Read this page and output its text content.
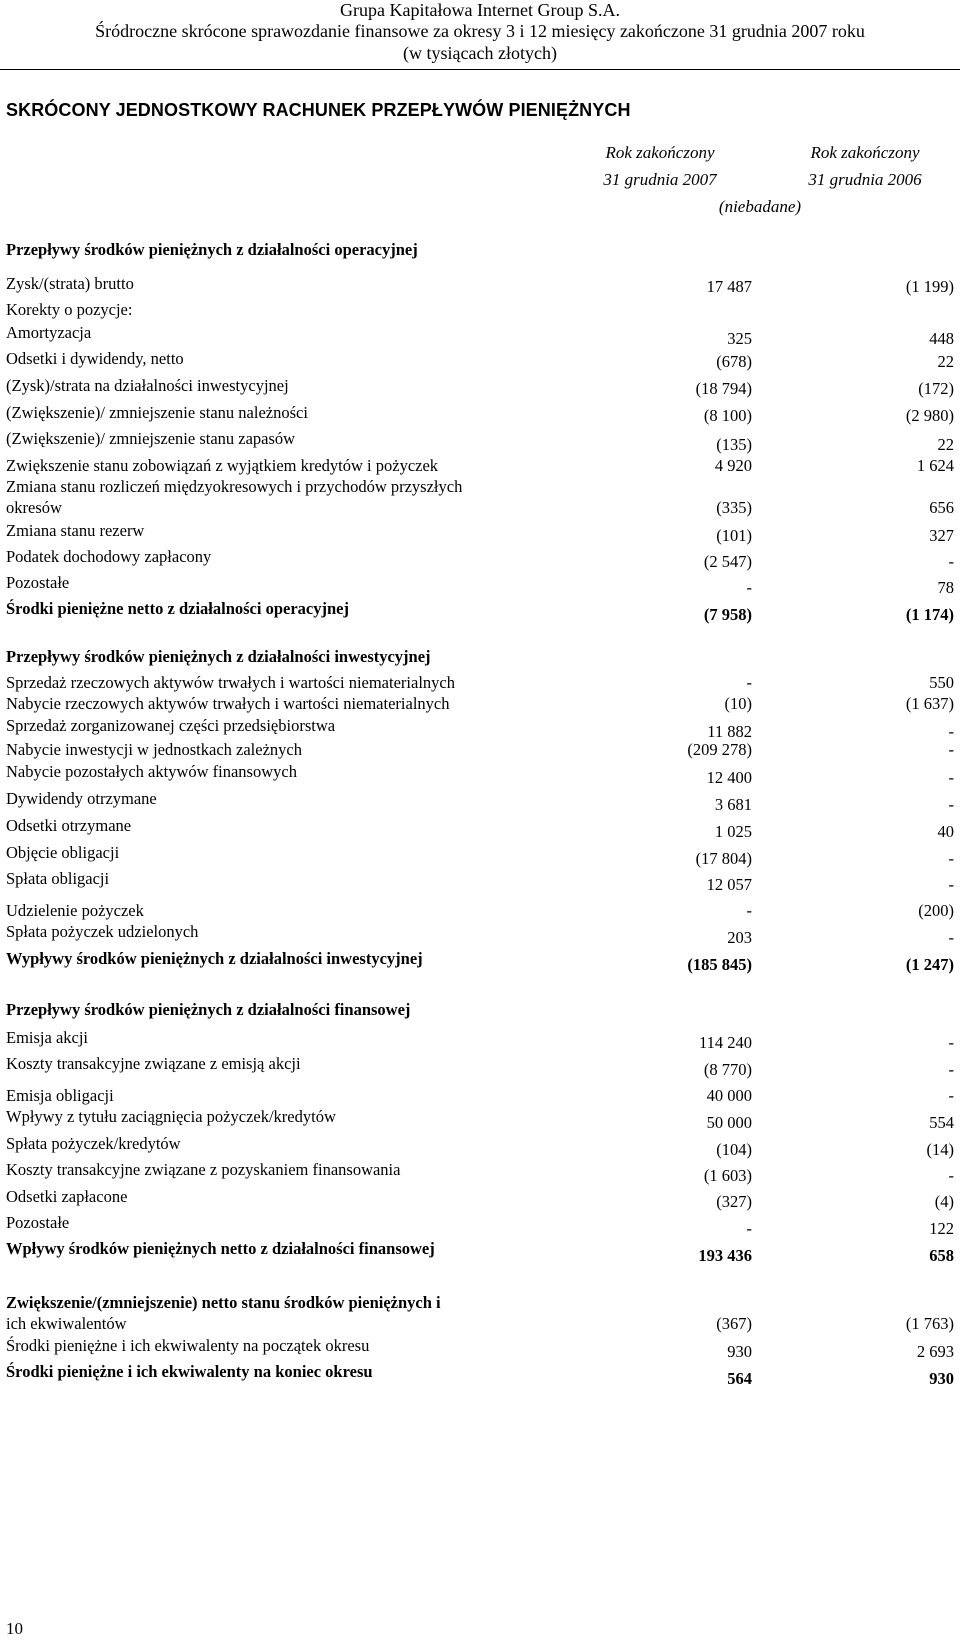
Grupa Kapitałowa Internet Group S.A.
Śródroczne skrócone sprawozdanie finansowe za okresy 3 i 12 miesięcy zakończone 31 grudnia 2007 roku
(w tysiącach złotych)
SKRÓCONY JEDNOSTKOWY RACHUNEK PRZEPŁYWÓW PIENIĘŻNYCH
Rok zakończony
31 grudnia 2007
Rok zakończony
31 grudnia 2006
(niebadane)
Przepływy środków pieniężnych z działalności operacyjnej
Zysk/(strata) brutto	17 487	(1 199)
Korekty o pozycje:
Amortyzacja	325	448
Odsetki i dywidendy, netto	(678)	22
(Zysk)/strata na działalności inwestycyjnej	(18 794)	(172)
(Zwiększenie)/ zmniejszenie stanu należności	(8 100)	(2 980)
(Zwiększenie)/ zmniejszenie stanu zapasów	(135)	22
Zwiększenie stanu zobowiązań z wyjątkiem kredytów i pożyczek	4 920	1 624
Zmiana stanu rozliczeń międzyokresowych i przychodów przyszłych
okresów	(335)	656
Zmiana stanu rezerw	(101)	327
Podatek dochodowy zapłacony	(2 547)	-
Pozostałe	-	78
Środki pieniężne netto z działalności operacyjnej	(7 958)	(1 174)
Przepływy środków pieniężnych z działalności inwestycyjnej
Sprzedaż rzeczowych aktywów trwałych i wartości niematerialnych	-	550
Nabycie rzeczowych aktywów trwałych i wartości niematerialnych	(10)	(1 637)
Sprzedaż zorganizowanej części przedsiębiorstwa	11 882	-
Nabycie inwestycji w jednostkach zależnych	(209 278)	-
Nabycie pozostałych aktywów finansowych	12 400	-
Dywidendy otrzymane	3 681	-
Odsetki otrzymane	1 025	40
Objęcie obligacji	(17 804)	-
Spłata obligacji	12 057	-
Udzielenie pożyczek	-	(200)
Spłata pożyczek udzielonych	203	-
Wypływy środków pieniężnych z działalności inwestycyjnej	(185 845)	(1 247)
Przepływy środków pieniężnych z działalności finansowej
Emisja akcji	114 240	-
Koszty transakcyjne związane z emisją akcji	(8 770)	-
Emisja obligacji	40 000	-
Wpływy z tytułu zaciągnięcia pożyczek/kredytów	50 000	554
Spłata pożyczek/kredytów	(104)	(14)
Koszty transakcyjne związane z pozyskaniem finansowania	(1 603)	-
Odsetki zapłacone	(327)	(4)
Pozostałe	-	122
Wpływy środków pieniężnych netto z działalności finansowej	193 436	658
Zwiększenie/(zmniejszenie) netto stanu środków pieniężnych i
ich ekwiwalentów	(367)	(1 763)
Środki pieniężne i ich ekwiwalenty na początek okresu	930	2 693
Środki pieniężne i ich ekwiwalenty na koniec okresu	564	930
10
